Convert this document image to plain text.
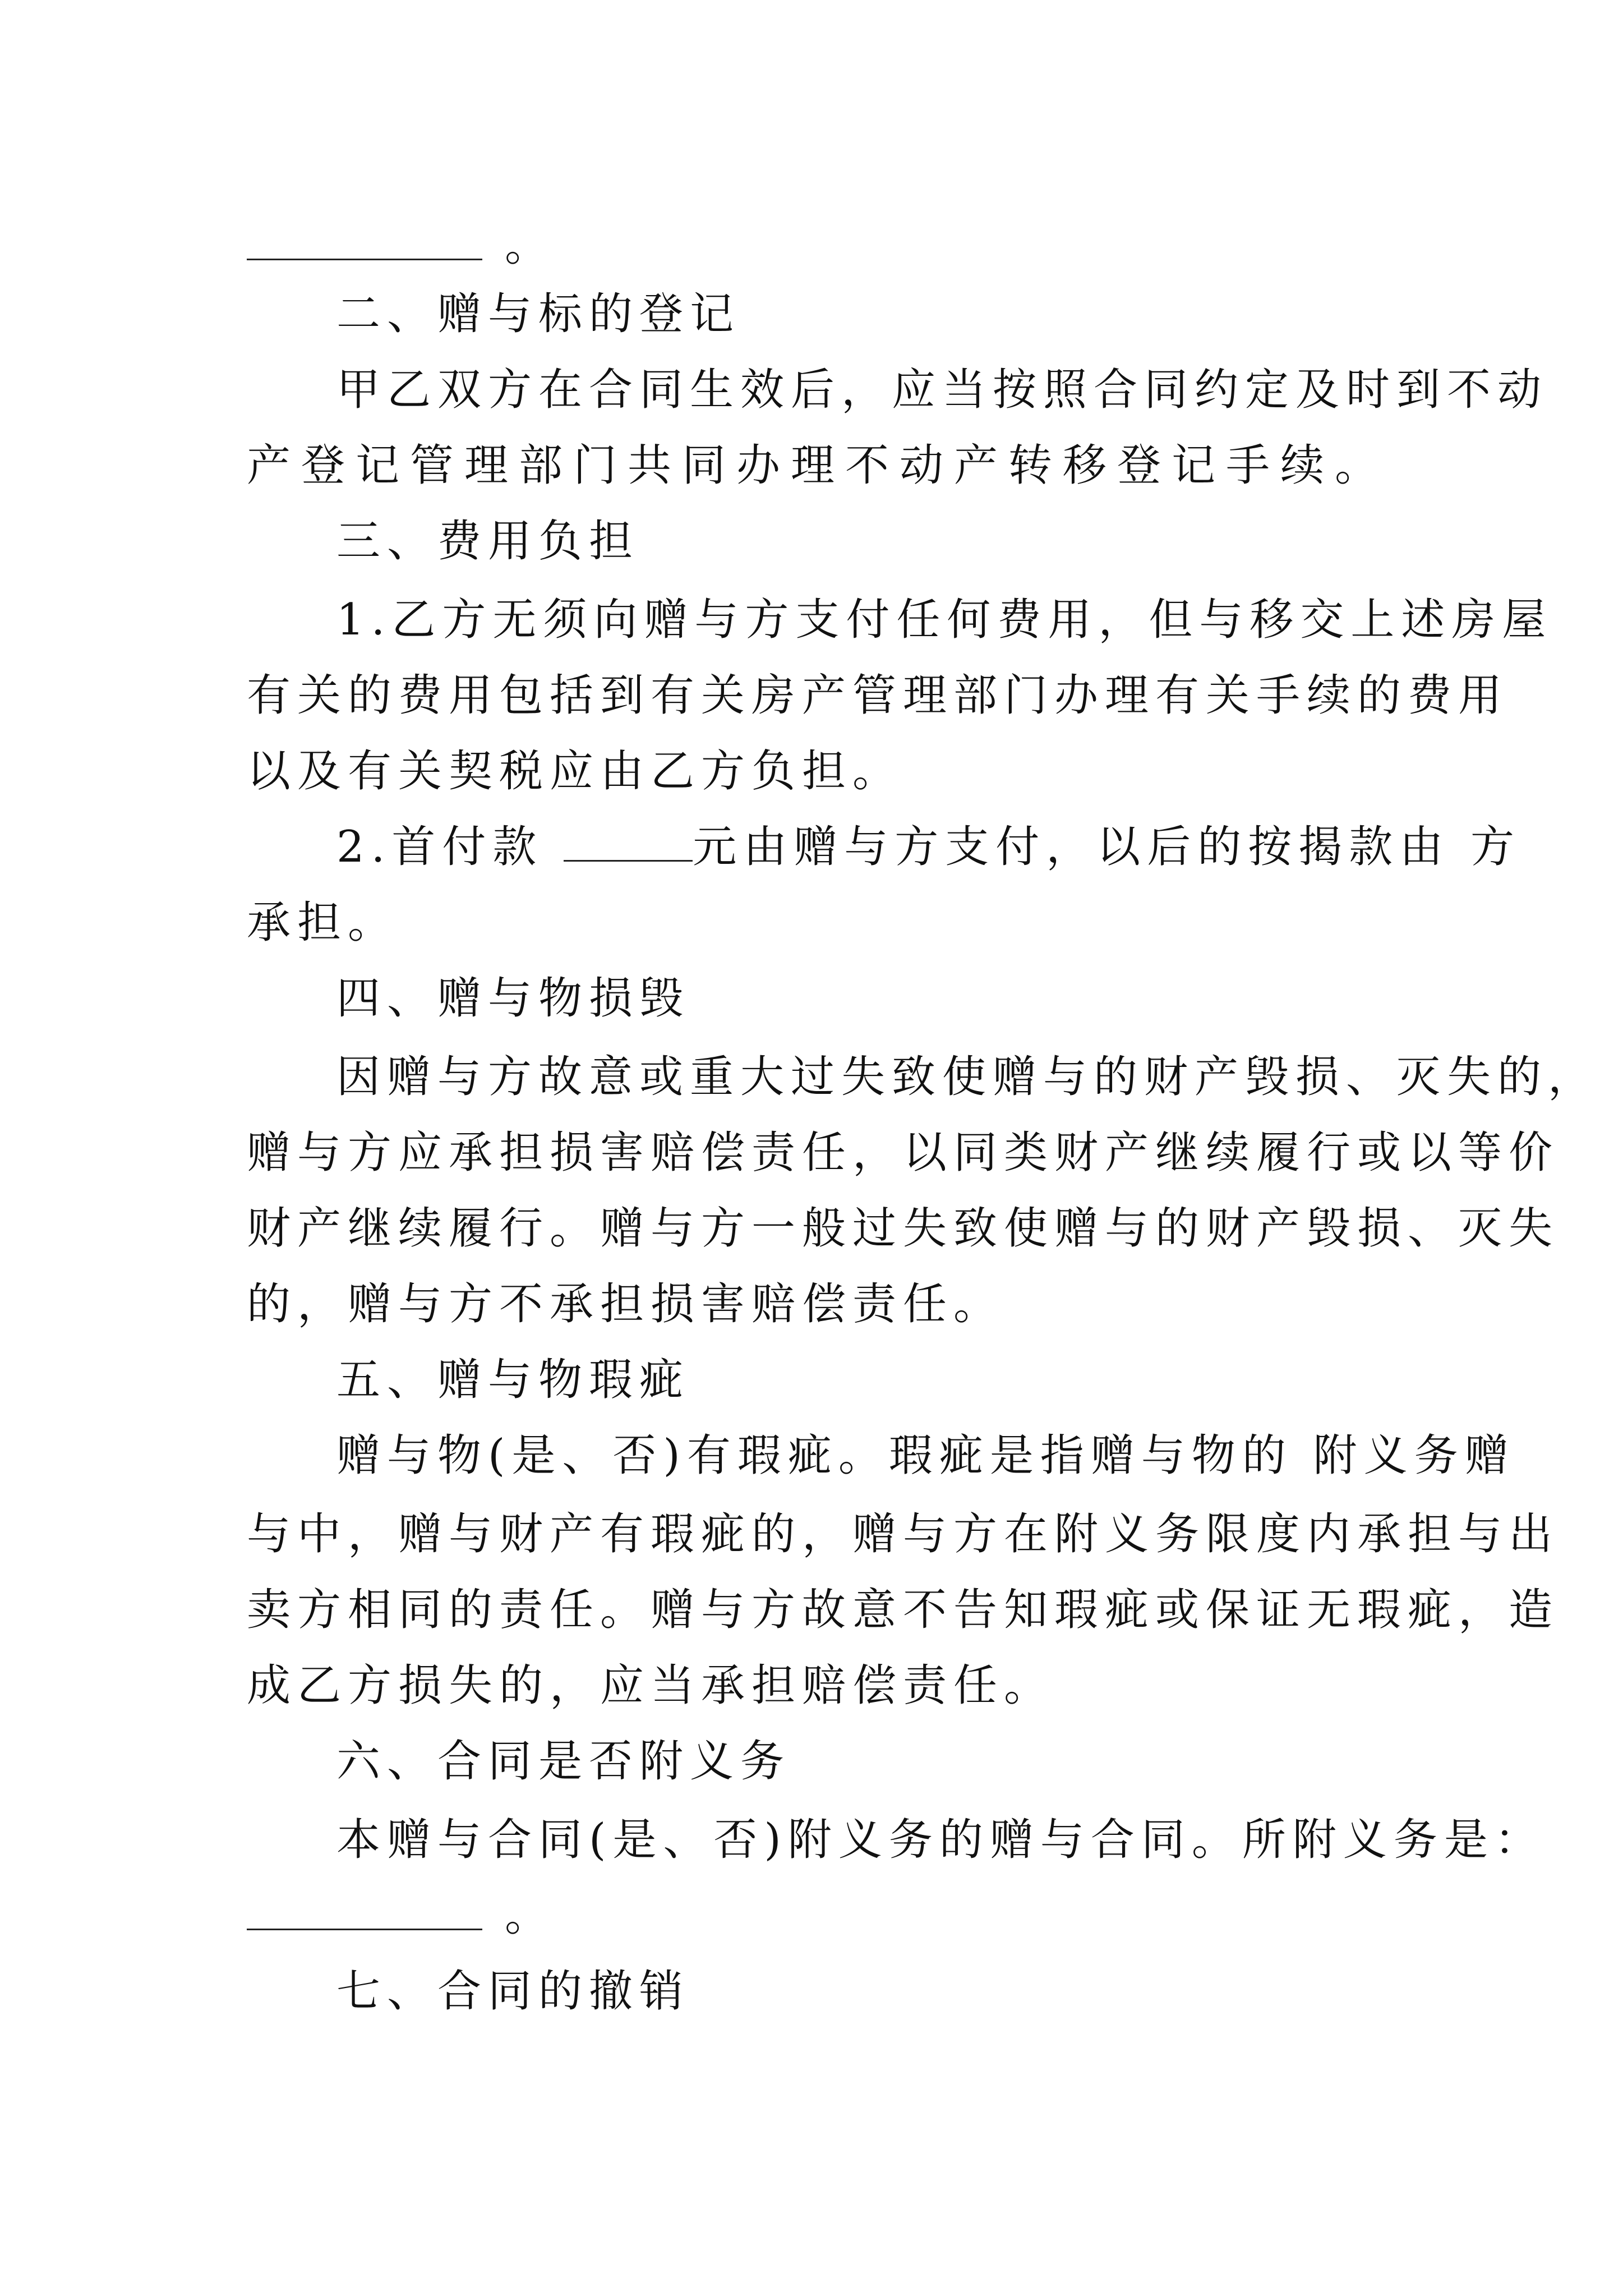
。
二、赠与标的登记
甲乙双方在合同生效后，应当按照合同约定及时到不动
产登记管理部门共同办理不动产转移登记手续。
三、费用负担
1.乙方无须向赠与方支付任何费用，但与移交上述房屋
有关的费用包括到有关房产管理部门办理有关手续的费用
以及有关契税应由乙方负担。
2.首付款	元由赠与方支付，以后的按揭款由 方
承担。
四、赠与物损毁
因赠与方故意或重大过失致使赠与的财产毁损、灭失的，
赠与方应承担损害赔偿责任，以同类财产继续履行或以等价
财产继续履行。赠与方一般过失致使赠与的财产毁损、灭失
的，赠与方不承担损害赔偿责任。
五、赠与物瑕疵
赠与物(是、否)有瑕疵。瑕疵是指赠与物的 附义务赠
与中，赠与财产有瑕疵的，赠与方在附义务限度内承担与出
卖方相同的责任。赠与方故意不告知瑕疵或保证无瑕疵，造
成乙方损失的，应当承担赔偿责任。
六、合同是否附义务
本赠与合同(是、否)附义务的赠与合同。所附义务是：
。
七、合同的撤销
